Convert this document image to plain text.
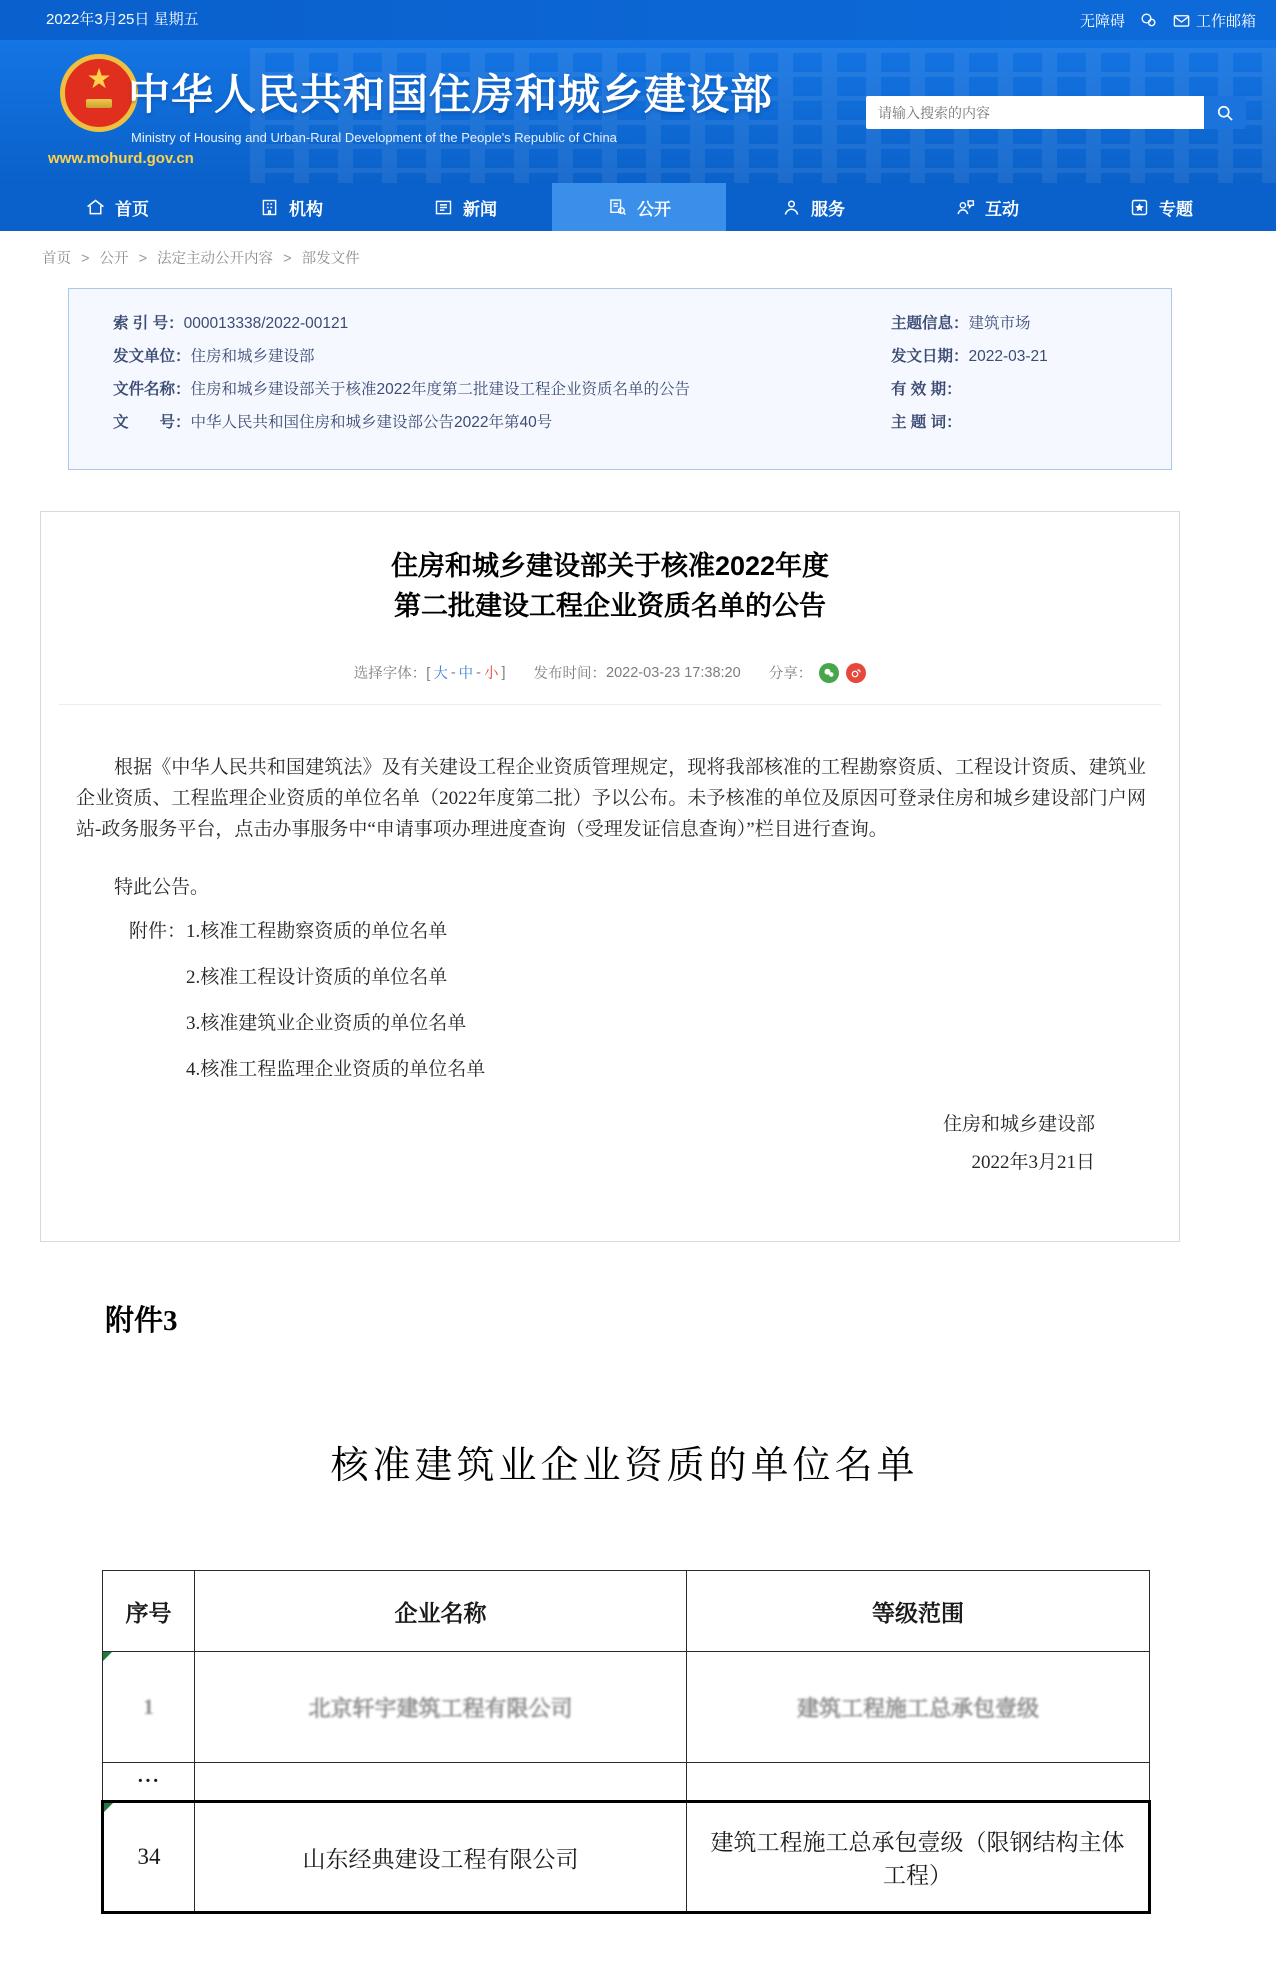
2022年3月25日 星期五	无障碍	工作邮箱
★ 中华人民共和国住房和城乡建设部
Ministry of Housing and Urban-Rural Development of the People's Republic of China
www.mohurd.gov.cn
请输入搜索的内容
首页	机构	新闻	公开	服务	互动	专题
首页 > 公开 > 法定主动公开内容 > 部发文件
索 引 号：000013338/2022-00121
发文单位：住房和城乡建设部
文件名称：住房和城乡建设部关于核准2022年度第二批建设工程企业资质名单的公告
文　　号：中华人民共和国住房和城乡建设部公告2022年第40号
主题信息：建筑市场
发文日期：2022-03-21
有 效 期：
主 题 词：
住房和城乡建设部关于核准2022年度
第二批建设工程企业资质名单的公告
选择字体：[ 大 - 中 - 小 ] 发布时间： 2022-03-23 17:38:20 分享：

根据《中华人民共和国建筑法》及有关建设工程企业资质管理规定，现将我部核准的工程勘察资质、工程设计资质、建筑业企业资质、工程监理企业资质的单位名单（2022年度第二批）予以公布。未予核准的单位及原因可登录住房和城乡建设部门户网站-政务服务平台，点击办事服务中“申请事项办理进度查询（受理发证信息查询）”栏目进行查询。

特此公告。

附件：1.核准工程勘察资质的单位名单

2.核准工程设计资质的单位名单

3.核准建筑业企业资质的单位名单

4.核准工程监理企业资质的单位名单

住房和城乡建设部
2022年3月21日
附件3
核准建筑业企业资质的单位名单
序号	企业名称	等级范围
1	北京轩宇建筑工程有限公司	建筑工程施工总承包壹级
···		
34	山东经典建设工程有限公司	建筑工程施工总承包壹级（限钢结构主体工程）
